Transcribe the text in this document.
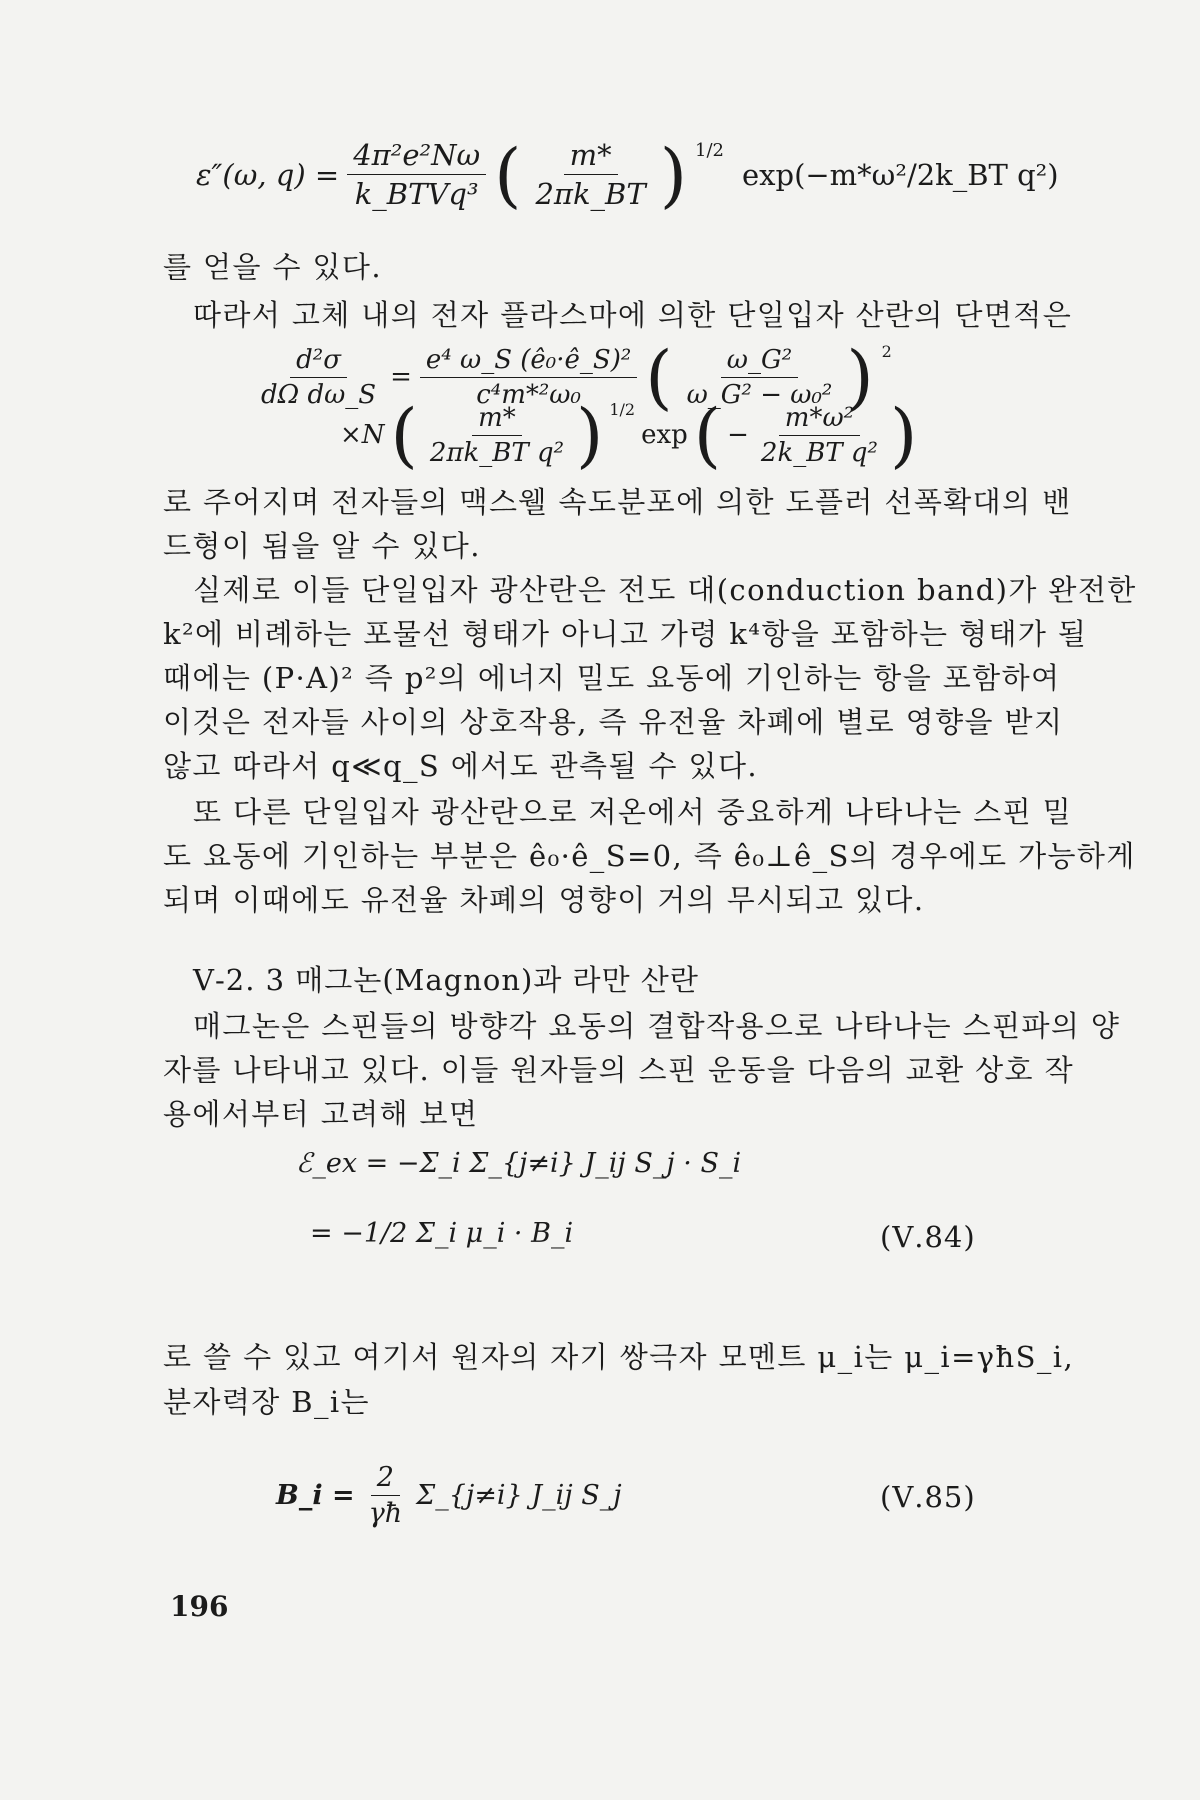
ε″(ω, $q) = \frac{\text{4π²e²Nω}}{\text{k\_BTVq³}}$ ( $\frac{m*}{2\pi k\_BT}$ ) 1/2
exp(−m*ω²/2k_BT q²)
를 얻을 수 있다.
따라서 고체 내의 전자 플라스마에 의한 단일입자 산란의 단면적은
$\frac{\text{d²σ}}{\text{dΩ dω\_S}} = \frac{\text{e⁴ ω\_S (ê₀·ê\_S)²}}{\text{c⁴m*²ω₀}}$ ( $\frac{\text{ω\_G²}}{\text{ω\_G² − ω₀²}}$ ) 2
×N ( $\frac{m*}{\text{2πk\_BT q²}}$ ) 1/2
exp ( − $\frac{\text{m*ω²}}{\text{2k\_BT q²}}$ )
로 주어지며 전자들의 맥스웰 속도분포에 의한 도플러 선폭확대의 밴
드형이 됨을 알 수 있다.
실제로 이들 단일입자 광산란은 전도 대(conduction band)가 완전한
k²에 비례하는 포물선 형태가 아니고 가령 k⁴항을 포함하는 형태가 될
때에는 (P·A)² 즉 p²의 에너지 밀도 요동에 기인하는 항을 포함하여
이것은 전자들 사이의 상호작용, 즉 유전율 차폐에 별로 영향을 받지
않고 따라서 q≪q_S 에서도 관측될 수 있다.
또 다른 단일입자 광산란으로 저온에서 중요하게 나타나는 스핀 밀
도 요동에 기인하는 부분은 ê₀·ê_S=0, 즉 ê₀⊥ê_S의 경우에도 가능하게
되며 이때에도 유전율 차폐의 영향이 거의 무시되고 있다.
Ⅴ-2. 3 매그논(Magnon)과 라만 산란
매그논은 스핀들의 방향각 요동의 결합작용으로 나타나는 스핀파의 양
자를 나타내고 있다. 이들 원자들의 스핀 운동을 다음의 교환 상호 작
용에서부터 고려해 보면
ℰ_ex = −Σ_i Σ_{j≠i} J_ij S_j · S_i
= −1/2 Σ_i μ_i · B_i	(Ⅴ.84)
로 쓸 수 있고 여기서 원자의 자기 쌍극자 모멘트 μ_i는 μ_i=γħS_i,
분자력장 B_i는
B_i = $\frac{2}{\gamma ħ}$ Σ_{j≠i} J_ij S_j	(Ⅴ.85)
196
